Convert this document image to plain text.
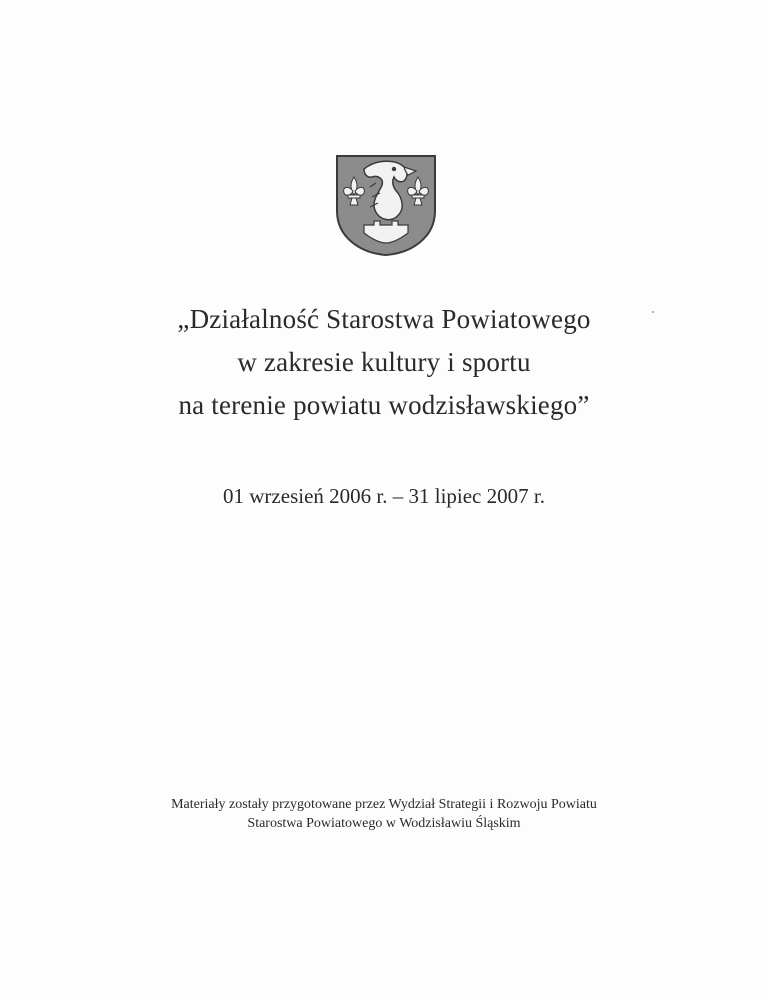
„Działalność Starostwa Powiatowego
w zakresie kultury i sportu
na terenie powiatu wodzisławskiego”
01 wrzesień 2006 r. – 31 lipiec 2007 r.
Materiały zostały przygotowane przez Wydział Strategii i Rozwoju Powiatu
Starostwa Powiatowego w Wodzisławiu Śląskim
